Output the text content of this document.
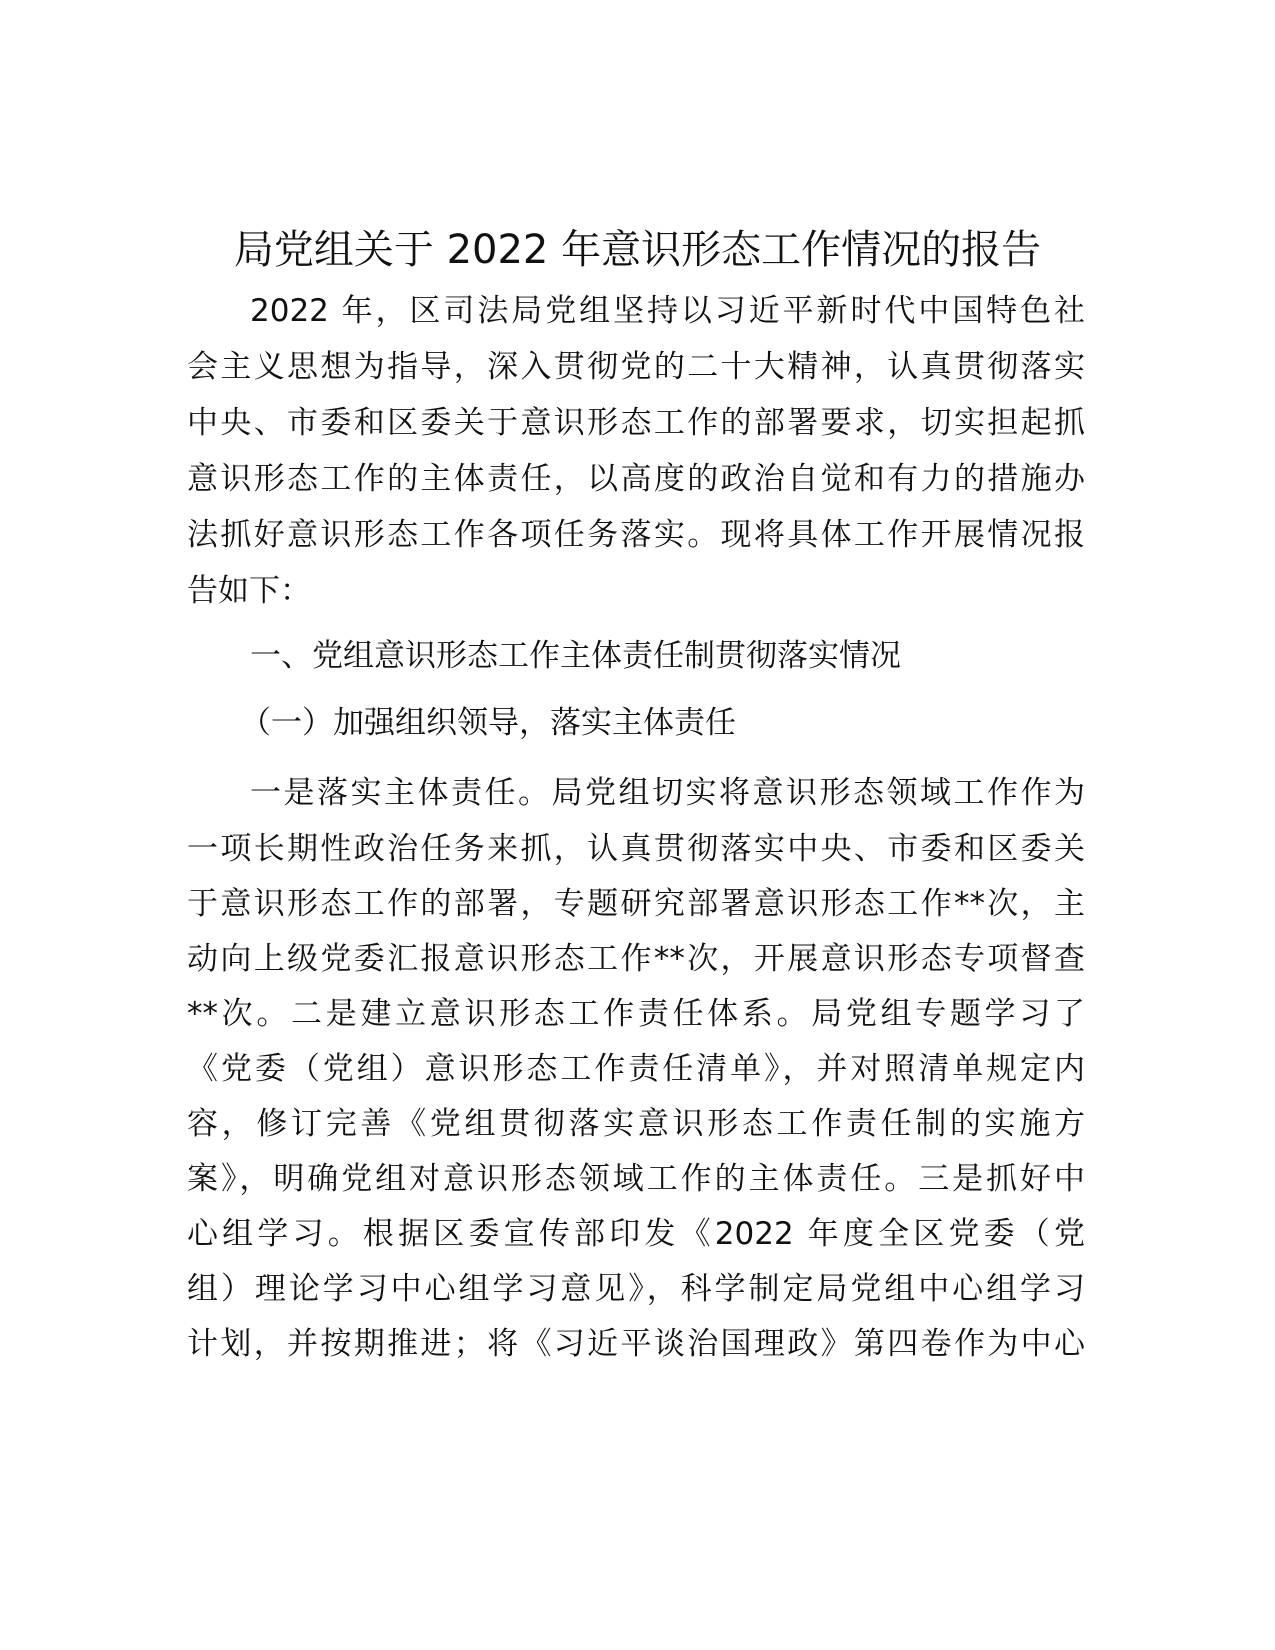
局党组关于 2022 年意识形态工作情况的报告
2022 年，区司法局党组坚持以习近平新时代中国特色社
会主义思想为指导，深入贯彻党的二十大精神，认真贯彻落实
中央、市委和区委关于意识形态工作的部署要求，切实担起抓
意识形态工作的主体责任，以高度的政治自觉和有力的措施办
法抓好意识形态工作各项任务落实。现将具体工作开展情况报
告如下：
一、党组意识形态工作主体责任制贯彻落实情况
（一）加强组织领导，落实主体责任
一是落实主体责任。局党组切实将意识形态领域工作作为
一项长期性政治任务来抓，认真贯彻落实中央、市委和区委关
于意识形态工作的部署，专题研究部署意识形态工作**次，主
动向上级党委汇报意识形态工作**次，开展意识形态专项督查
**次。二是建立意识形态工作责任体系。局党组专题学习了
《党委（党组）意识形态工作责任清单》，并对照清单规定内
容，修订完善《党组贯彻落实意识形态工作责任制的实施方
案》，明确党组对意识形态领域工作的主体责任。三是抓好中
心组学习。根据区委宣传部印发《2022 年度全区党委（党
组）理论学习中心组学习意见》，科学制定局党组中心组学习
计划，并按期推进；将《习近平谈治国理政》第四卷作为中心
